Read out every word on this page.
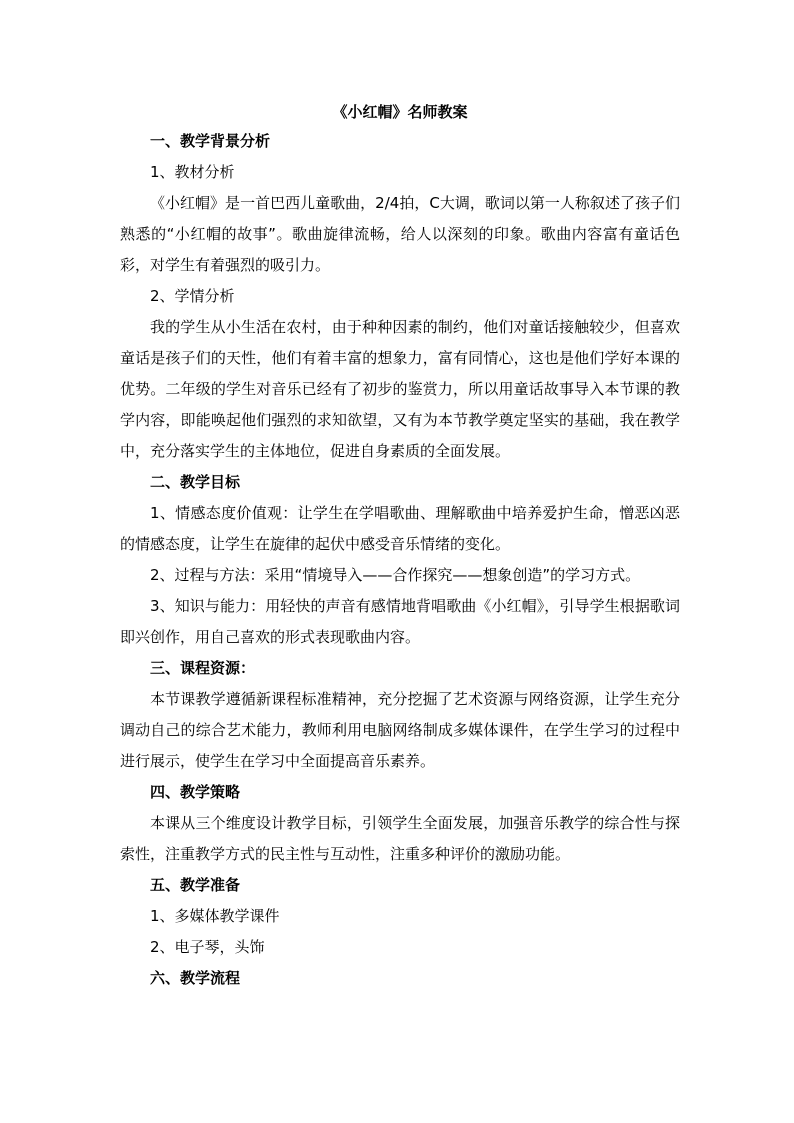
《小红帽》名师教案

一、教学背景分析

1、教材分析

《小红帽》是一首巴西儿童歌曲，2/4拍，C大调，歌词以第一人称叙述了孩子们熟悉的“小红帽的故事”。歌曲旋律流畅，给人以深刻的印象。歌曲内容富有童话色彩，对学生有着强烈的吸引力。

2、学情分析

我的学生从小生活在农村，由于种种因素的制约，他们对童话接触较少，但喜欢童话是孩子们的天性，他们有着丰富的想象力，富有同情心，这也是他们学好本课的优势。二年级的学生对音乐已经有了初步的鉴赏力，所以用童话故事导入本节课的教学内容，即能唤起他们强烈的求知欲望，又有为本节教学奠定坚实的基础，我在教学中，充分落实学生的主体地位，促进自身素质的全面发展。

二、教学目标

1、情感态度价值观：让学生在学唱歌曲、理解歌曲中培养爱护生命，憎恶凶恶的情感态度，让学生在旋律的起伏中感受音乐情绪的变化。

2、过程与方法：采用“情境导入——合作探究——想象创造”的学习方式。

3、知识与能力：用轻快的声音有感情地背唱歌曲《小红帽》，引导学生根据歌词即兴创作，用自己喜欢的形式表现歌曲内容。

三、课程资源：

本节课教学遵循新课程标准精神，充分挖掘了艺术资源与网络资源，让学生充分调动自己的综合艺术能力，教师利用电脑网络制成多媒体课件，在学生学习的过程中进行展示，使学生在学习中全面提高音乐素养。

四、教学策略

本课从三个维度设计教学目标，引领学生全面发展，加强音乐教学的综合性与探索性，注重教学方式的民主性与互动性，注重多种评价的激励功能。

五、教学准备

1、多媒体教学课件

2、电子琴，头饰

六、教学流程
